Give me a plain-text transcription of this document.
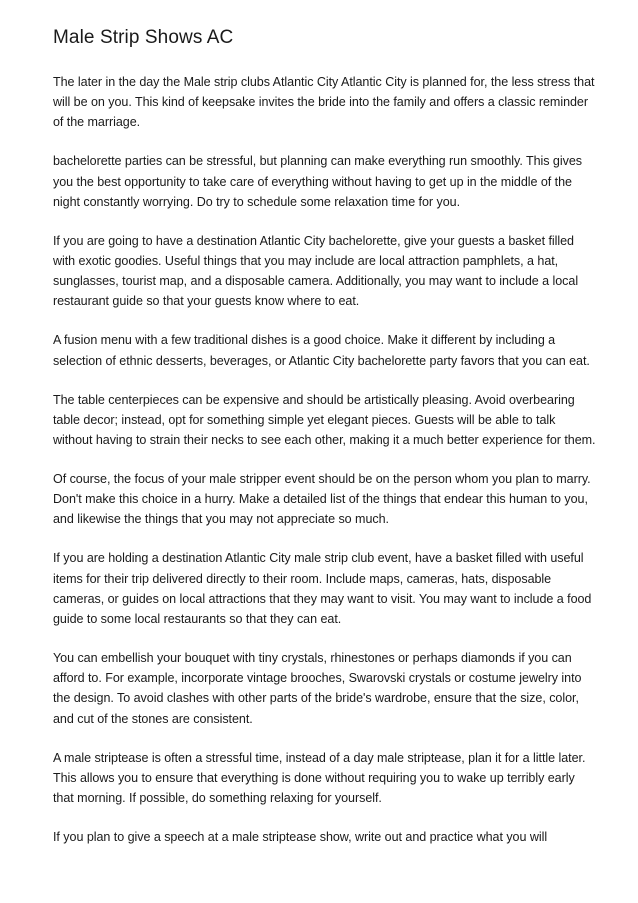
Male Strip Shows AC

The later in the day the Male strip clubs Atlantic City Atlantic City is planned for, the less stress that will be on you. This kind of keepsake invites the bride into the family and offers a classic reminder of the marriage.

bachelorette parties can be stressful, but planning can make everything run smoothly. This gives you the best opportunity to take care of everything without having to get up in the middle of the night constantly worrying. Do try to schedule some relaxation time for you.

If you are going to have a destination Atlantic City bachelorette, give your guests a basket filled with exotic goodies. Useful things that you may include are local attraction pamphlets, a hat, sunglasses, tourist map, and a disposable camera. Additionally, you may want to include a local restaurant guide so that your guests know where to eat.

A fusion menu with a few traditional dishes is a good choice. Make it different by including a selection of ethnic desserts, beverages, or Atlantic City bachelorette party favors that you can eat.

The table centerpieces can be expensive and should be artistically pleasing. Avoid overbearing table decor; instead, opt for something simple yet elegant pieces. Guests will be able to talk without having to strain their necks to see each other, making it a much better experience for them.

Of course, the focus of your male stripper event should be on the person whom you plan to marry. Don't make this choice in a hurry. Make a detailed list of the things that endear this human to you, and likewise the things that you may not appreciate so much.

If you are holding a destination Atlantic City male strip club event, have a basket filled with useful items for their trip delivered directly to their room. Include maps, cameras, hats, disposable cameras, or guides on local attractions that they may want to visit. You may want to include a food guide to some local restaurants so that they can eat.

You can embellish your bouquet with tiny crystals, rhinestones or perhaps diamonds if you can afford to. For example, incorporate vintage brooches, Swarovski crystals or costume jewelry into the design. To avoid clashes with other parts of the bride's wardrobe, ensure that the size, color, and cut of the stones are consistent.

A male striptease is often a stressful time, instead of a day male striptease, plan it for a little later. This allows you to ensure that everything is done without requiring you to wake up terribly early that morning. If possible, do something relaxing for yourself.

If you plan to give a speech at a male striptease show, write out and practice what you will
